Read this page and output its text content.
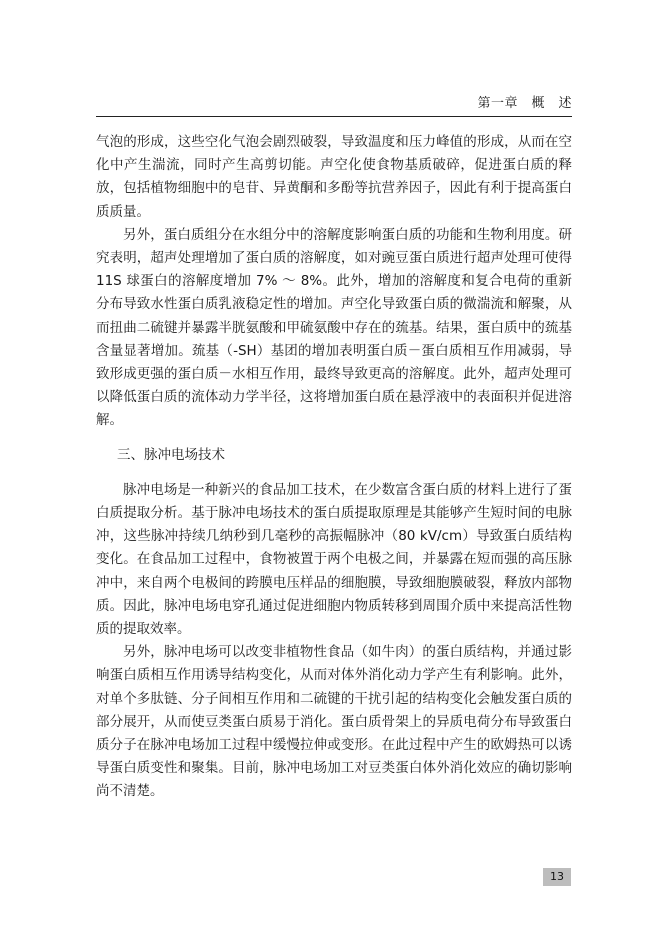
第一章　概　述

气泡的形成，这些空化气泡会剧烈破裂，导致温度和压力峰值的形成，从而在空化中产生湍流，同时产生高剪切能。声空化使食物基质破碎，促进蛋白质的释放，包括植物细胞中的皂苷、异黄酮和多酚等抗营养因子，因此有利于提高蛋白质质量。

另外，蛋白质组分在水组分中的溶解度影响蛋白质的功能和生物利用度。研究表明，超声处理增加了蛋白质的溶解度，如对豌豆蛋白质进行超声处理可使得 11S 球蛋白的溶解度增加 7% ～ 8%。此外，增加的溶解度和复合电荷的重新分布导致水性蛋白质乳液稳定性的增加。声空化导致蛋白质的微湍流和解聚，从而扭曲二硫键并暴露半胱氨酸和甲硫氨酸中存在的巯基。结果，蛋白质中的巯基含量显著增加。巯基（-SH）基团的增加表明蛋白质－蛋白质相互作用减弱，导致形成更强的蛋白质－水相互作用，最终导致更高的溶解度。此外，超声处理可以降低蛋白质的流体动力学半径，这将增加蛋白质在悬浮液中的表面积并促进溶解。

三、脉冲电场技术

脉冲电场是一种新兴的食品加工技术，在少数富含蛋白质的材料上进行了蛋白质提取分析。基于脉冲电场技术的蛋白质提取原理是其能够产生短时间的电脉冲，这些脉冲持续几纳秒到几毫秒的高振幅脉冲（80 kV/cm）导致蛋白质结构变化。在食品加工过程中，食物被置于两个电极之间，并暴露在短而强的高压脉冲中，来自两个电极间的跨膜电压样品的细胞膜，导致细胞膜破裂，释放内部物质。因此，脉冲电场电穿孔通过促进细胞内物质转移到周围介质中来提高活性物质的提取效率。

另外，脉冲电场可以改变非植物性食品（如牛肉）的蛋白质结构，并通过影响蛋白质相互作用诱导结构变化，从而对体外消化动力学产生有利影响。此外，对单个多肽链、分子间相互作用和二硫键的干扰引起的结构变化会触发蛋白质的部分展开，从而使豆类蛋白质易于消化。蛋白质骨架上的异质电荷分布导致蛋白质分子在脉冲电场加工过程中缓慢拉伸或变形。在此过程中产生的欧姆热可以诱导蛋白质变性和聚集。目前，脉冲电场加工对豆类蛋白体外消化效应的确切影响尚不清楚。

13
